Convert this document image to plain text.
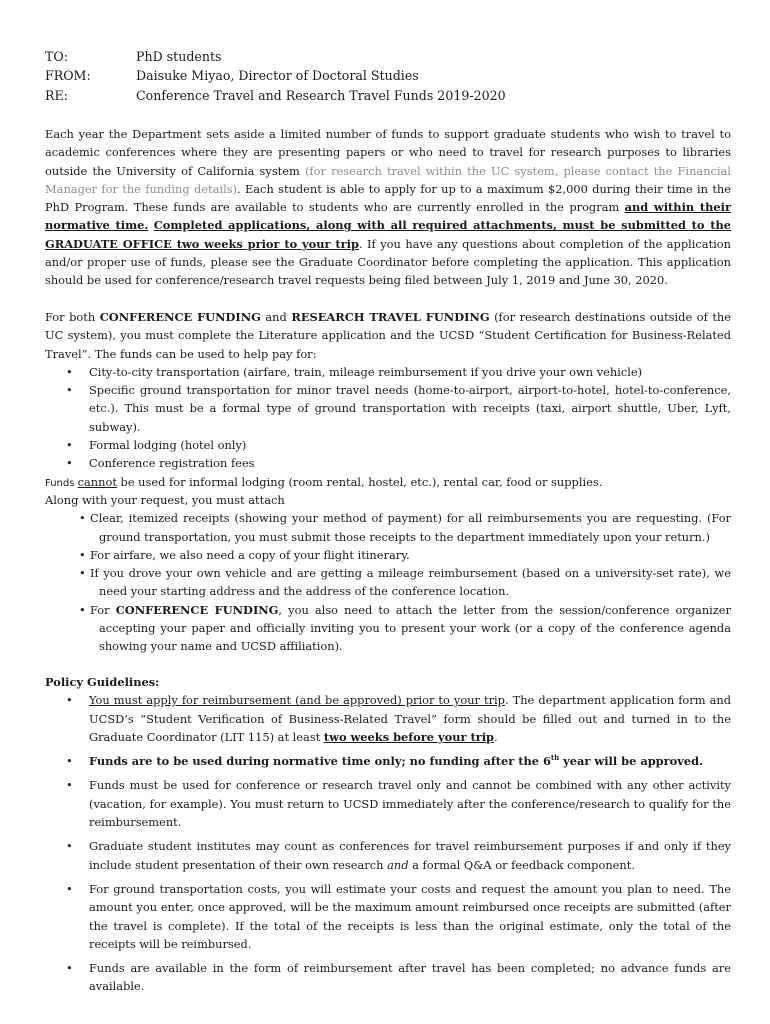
TO:	PhD students
FROM:	Daisuke Miyao, Director of Doctoral Studies
RE:	Conference Travel and Research Travel Funds 2019-2020
Each year the Department sets aside a limited number of funds to support graduate students who wish to travel to academic conferences where they are presenting papers or who need to travel for research purposes to libraries outside the University of California system (for research travel within the UC system, please contact the Financial Manager for the funding details). Each student is able to apply for up to a maximum $2,000 during their time in the PhD Program. These funds are available to students who are currently enrolled in the program and within their normative time. Completed applications, along with all required attachments, must be submitted to the GRADUATE OFFICE two weeks prior to your trip. If you have any questions about completion of the application and/or proper use of funds, please see the Graduate Coordinator before completing the application. This application should be used for conference/research travel requests being filed between July 1, 2019 and June 30, 2020.
For both CONFERENCE FUNDING and RESEARCH TRAVEL FUNDING (for research destinations outside of the UC system), you must complete the Literature application and the UCSD “Student Certification for Business-Related Travel”. The funds can be used to help pay for:
• City-to-city transportation (airfare, train, mileage reimbursement if you drive your own vehicle)
• Specific ground transportation for minor travel needs (home-to-airport, airport-to-hotel, hotel-to-conference, etc.). This must be a formal type of ground transportation with receipts (taxi, airport shuttle, Uber, Lyft, subway).
• Formal lodging (hotel only)
• Conference registration fees
Funds cannot be used for informal lodging (room rental, hostel, etc.), rental car, food or supplies.
Along with your request, you must attach
• Clear, itemized receipts (showing your method of payment) for all reimbursements you are requesting. (For ground transportation, you must submit those receipts to the department immediately upon your return.)
• For airfare, we also need a copy of your flight itinerary.
• If you drove your own vehicle and are getting a mileage reimbursement (based on a university-set rate), we need your starting address and the address of the conference location.
• For CONFERENCE FUNDING, you also need to attach the letter from the session/conference organizer accepting your paper and officially inviting you to present your work (or a copy of the conference agenda showing your name and UCSD affiliation).
Policy Guidelines:
• You must apply for reimbursement (and be approved) prior to your trip. The department application form and UCSD’s “Student Verification of Business-Related Travel” form should be filled out and turned in to the Graduate Coordinator (LIT 115) at least two weeks before your trip.
• Funds are to be used during normative time only; no funding after the 6th year will be approved.
• Funds must be used for conference or research travel only and cannot be combined with any other activity (vacation, for example). You must return to UCSD immediately after the conference/research to qualify for the reimbursement.
• Graduate student institutes may count as conferences for travel reimbursement purposes if and only if they include student presentation of their own research and a formal Q&A or feedback component.
• For ground transportation costs, you will estimate your costs and request the amount you plan to need. The amount you enter, once approved, will be the maximum amount reimbursed once receipts are submitted (after the travel is complete). If the total of the receipts is less than the original estimate, only the total of the receipts will be reimbursed.
• Funds are available in the form of reimbursement after travel has been completed; no advance funds are available.
